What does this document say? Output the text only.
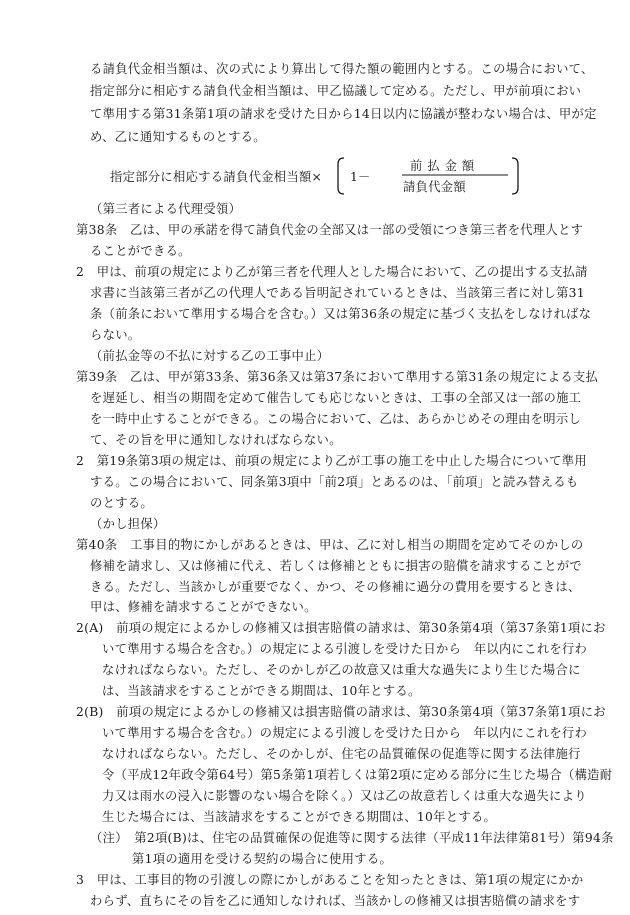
る請負代金相当額は、次の式により算出して得た額の範囲内とする。この場合において、
指定部分に相応する請負代金相当額は、甲乙協議して定める。ただし、甲が前項におい
て準用する第31条第1項の請求を受けた日から14日以内に協議が整わない場合は、甲が定
め、乙に通知するものとする。
指定部分に相応する請負代金相当額× 1－
前払金額
請負代金額
（第三者による代理受領）
第38条　乙は、甲の承諾を得て請負代金の全部又は一部の受領につき第三者を代理人とす
ることができる。
2　甲は、前項の規定により乙が第三者を代理人とした場合において、乙の提出する支払請
求書に当該第三者が乙の代理人である旨明記されているときは、当該第三者に対し第31
条（前条において準用する場合を含む。）又は第36条の規定に基づく支払をしなければな
らない。
（前払金等の不払に対する乙の工事中止）
第39条　乙は、甲が第33条、第36条又は第37条において準用する第31条の規定による支払
を遅延し、相当の期間を定めて催告しても応じないときは、工事の全部又は一部の施工
を一時中止することができる。この場合において、乙は、あらかじめその理由を明示し
て、その旨を甲に通知しなければならない。
2　第19条第3項の規定は、前項の規定により乙が工事の施工を中止した場合について準用
する。この場合において、同条第3項中「前2項」とあるのは、「前項」と読み替えるも
のとする。
（かし担保）
第40条　工事目的物にかしがあるときは、甲は、乙に対し相当の期間を定めてそのかしの
修補を請求し、又は修補に代え、若しくは修補とともに損害の賠償を請求することがで
きる。ただし、当該かしが重要でなく、かつ、その修補に過分の費用を要するときは、
甲は、修補を請求することができない。
2(A)　前項の規定によるかしの修補又は損害賠償の請求は、第30条第4項（第37条第1項にお
いて準用する場合を含む。）の規定による引渡しを受けた日から　年以内にこれを行わ
なければならない。ただし、そのかしが乙の故意又は重大な過失により生じた場合に
は、当該請求をすることができる期間は、10年とする。
2(B)　前項の規定によるかしの修補又は損害賠償の請求は、第30条第4項（第37条第1項にお
いて準用する場合を含む。）の規定による引渡しを受けた日から　年以内にこれを行わ
なければならない。ただし、そのかしが、住宅の品質確保の促進等に関する法律施行
令（平成12年政令第64号）第5条第1項若しくは第2項に定める部分に生じた場合（構造耐
力又は雨水の浸入に影響のない場合を除く。）又は乙の故意若しくは重大な過失により
生じた場合には、当該請求をすることができる期間は、10年とする。
（注）　第2項(B)は、住宅の品質確保の促進等に関する法律（平成11年法律第81号）第94条
第1項の適用を受ける契約の場合に使用する。
3　甲は、工事目的物の引渡しの際にかしがあることを知ったときは、第1項の規定にかか
わらず、直ちにその旨を乙に通知しなければ、当該かしの修補又は損害賠償の請求をす
